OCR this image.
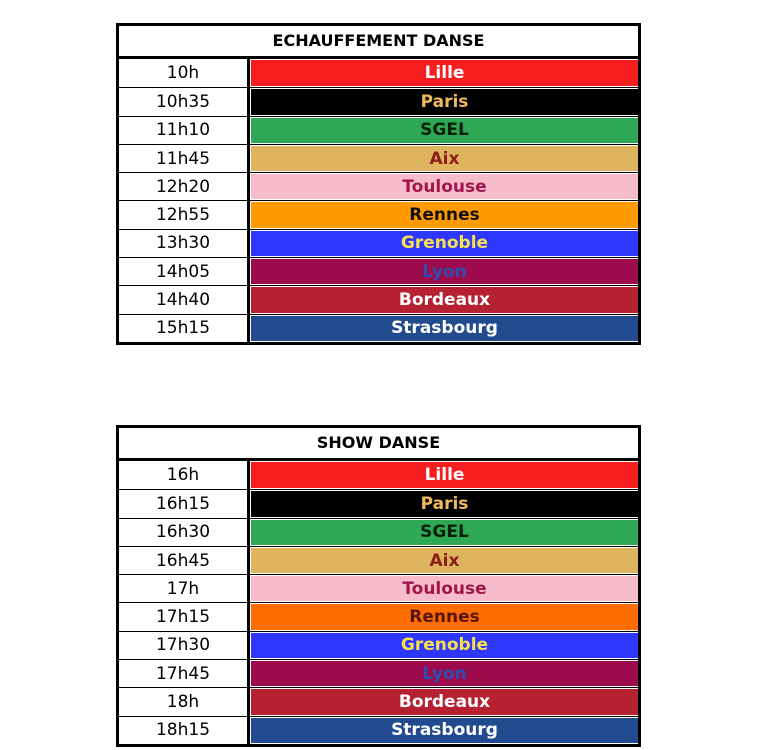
ECHAUFFEMENT DANSE
10h	Lille
10h35	Paris
11h10	SGEL
11h45	Aix
12h20	Toulouse
12h55	Rennes
13h30	Grenoble
14h05	Lyon
14h40	Bordeaux
15h15	Strasbourg
SHOW DANSE
16h	Lille
16h15	Paris
16h30	SGEL
16h45	Aix
17h	Toulouse
17h15	Rennes
17h30	Grenoble
17h45	Lyon
18h	Bordeaux
18h15	Strasbourg
